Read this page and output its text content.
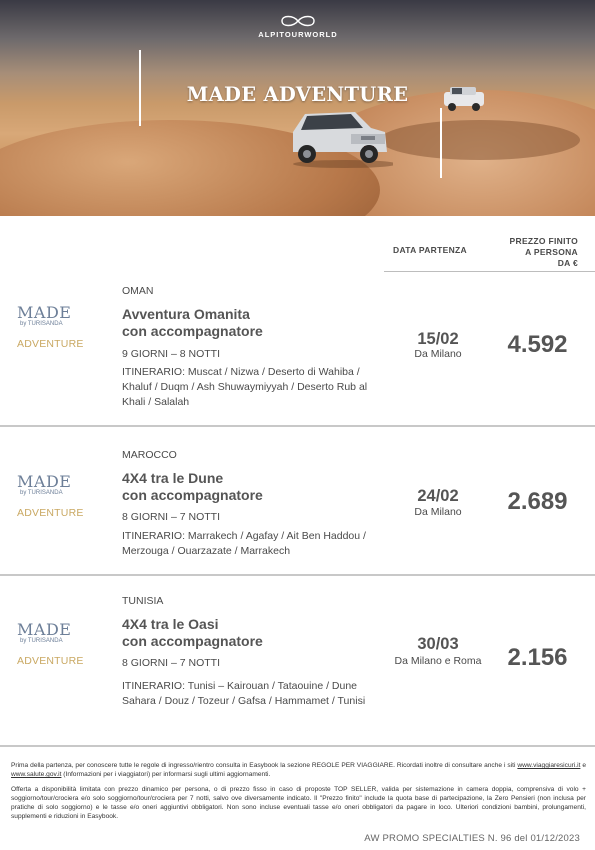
ALPITOURWORLD
MADE ADVENTURE
DATA PARTENZA
PREZZO FINITO
A PERSONA
DA €
MADE
by TURISANDA
ADVENTURE
OMAN
Avventura Omanita
con accompagnatore
9 GIORNI – 8 NOTTI
ITINERARIO: Muscat / Nizwa / Deserto di Wahiba / Khaluf / Duqm / Ash Shuwaymiyyah / Deserto Rub al Khali / Salalah
15/02
Da Milano	4.592
MADE
by TURISANDA
ADVENTURE
MAROCCO
4X4 tra le Dune
con accompagnatore
8 GIORNI – 7 NOTTI
ITINERARIO: Marrakech / Agafay / Ait Ben Haddou / Merzouga / Ouarzazate / Marrakech
24/02
Da Milano	2.689
MADE
by TURISANDA
ADVENTURE
TUNISIA
4X4 tra le Oasi
con accompagnatore
8 GIORNI – 7 NOTTI
ITINERARIO: Tunisi – Kairouan / Tataouine / Dune Sahara / Douz / Tozeur / Gafsa / Hammamet / Tunisi
30/03
Da Milano e Roma	2.156
Prima della partenza, per conoscere tutte le regole di ingresso/rientro consulta in Easybook la sezione REGOLE PER VIAGGIARE. Ricordati inoltre di consultare anche i siti www.viaggiaresicuri.it e www.salute.gov.it (Informazioni per i viaggiatori) per informarsi sugli ultimi aggiornamenti.
Offerta a disponibilità limitata con prezzo dinamico per persona, o di prezzo fisso in caso di proposte TOP SELLER, valida per sistemazione in camera doppia, comprensiva di volo + soggiorno/tour/crociera e/o solo soggiorno/tour/crociera per 7 notti, salvo ove diversamente indicato. Il "Prezzo finito" include la quota base di partecipazione, la Zero Pensieri (non inclusa per pratiche di solo soggiorno) e le tasse e/o oneri aggiuntivi obbligatori. Non sono incluse eventuali tasse e/o oneri obbligatori da pagare in loco. Ulteriori condizioni bambini, prolungamenti, supplementi e riduzioni in Easybook.
AW PROMO SPECIALTIES N. 96 del 01/12/2023
